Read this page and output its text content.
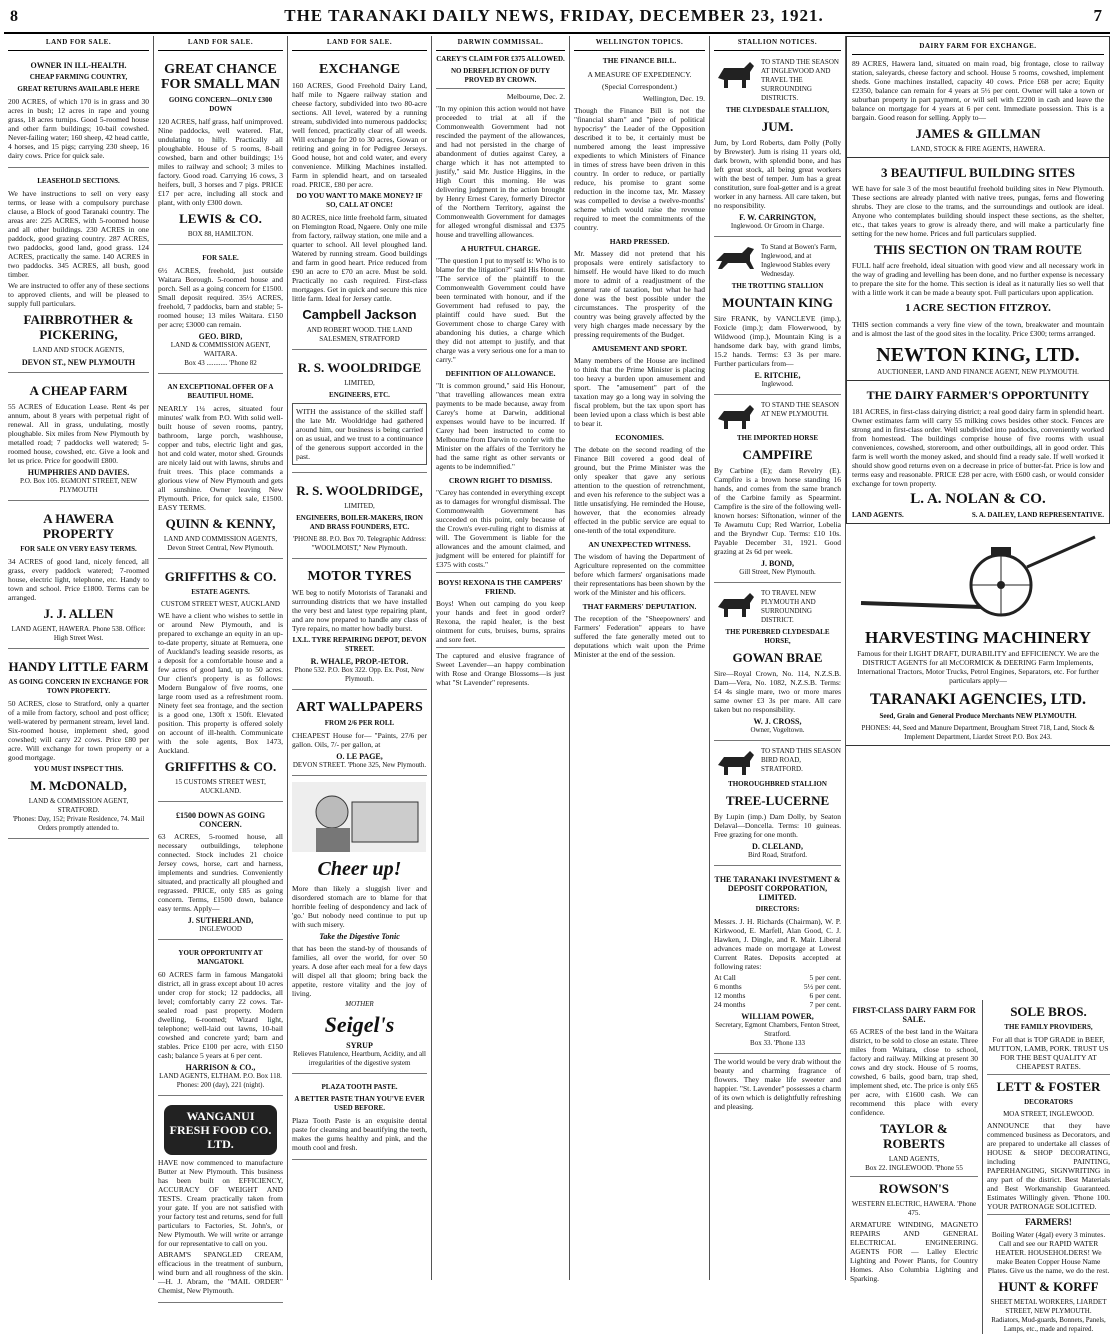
8	THE TARANAKI DAILY NEWS, FRIDAY, DECEMBER 23, 1921.	7
LAND FOR SALE.
OWNER IN ILL-HEALTH.
CHEAP FARMING COUNTRY,
GREAT RETURNS AVAILABLE HERE
200 ACRES, of which 170 is in grass and 30 acres in bush; 12 acres in rape and young grass, 18 acres turnips. Good 5-roomed house and other farm buildings; 10-bail cowshed. Never-failing water; 160 sheep, 42 head cattle, 4 horses, and 15 pigs; carrying 230 sheep, 16 dairy cows. Price for quick sale.
LEASEHOLD SECTIONS.
We have instructions to sell on very easy terms, or lease with a compulsory purchase clause, a Block of good Taranaki country. The areas are: 225 ACRES, with 5-roomed house and all other buildings. 230 ACRES in one paddock, good grazing country. 287 ACRES, two paddocks, good land, good grass. 124 ACRES, practically the same. 140 ACRES in two paddocks. 345 ACRES, all bush, good timber.
We are instructed to offer any of these sections to approved clients, and will be pleased to supply full particulars.
FAIRBROTHER & PICKERING,
LAND AND STOCK AGENTS,
DEVON ST., NEW PLYMOUTH
A CHEAP FARM
55 ACRES of Education Lease. Rent 4s per annum, about 8 years with perpetual right of renewal. All in grass, undulating, mostly ploughable. Six miles from New Plymouth by metalled road; 7 paddocks well watered; 5-roomed house, cowshed, etc. Give a look and let us price. Price for goodwill £800.
HUMPHRIES AND DAVIES.
P.O. Box 105. EGMONT STREET, NEW PLYMOUTH
A HAWERA PROPERTY
FOR SALE ON VERY EASY TERMS.
34 ACRES of good land, nicely fenced, all grass, every paddock watered; 7-roomed house, electric light, telephone, etc. Handy to town and school. Price £1800. Terms can be arranged.
J. J. ALLEN
LAND AGENT, HAWERA. Phone 538. Office: High Street West.
HANDY LITTLE FARM
AS GOING CONCERN IN EXCHANGE FOR TOWN PROPERTY.
50 ACRES, close to Stratford, only a quarter of a mile from factory, school and post office; well-watered by permanent stream, level land. Six-roomed house, implement shed, good cowshed; will carry 22 cows. Price £80 per acre. Will exchange for town property or a good mortgage.
YOU MUST INSPECT THIS.
M. McDONALD,
LAND & COMMISSION AGENT, STRATFORD.
'Phones: Day, 152; Private Residence, 74. Mail Orders promptly attended to.
LAND FOR SALE.
GREAT CHANCE FOR SMALL MAN
GOING CONCERN—ONLY £300 DOWN
120 ACRES, half grass, half unimproved. Nine paddocks, well watered. Flat, undulating to hilly. Practically all ploughable. House of 5 rooms, 8-bail cowshed, barn and other buildings; 1½ miles to railway and school; 3 miles to factory. Good road. Carrying 16 cows, 3 heifers, bull, 3 horses and 7 pigs. PRICE £17 per acre, including all stock and plant, with only £300 down.
LEWIS & CO.
BOX 88, HAMILTON.
FOR SALE.
6½ ACRES, freehold, just outside Waitara Borough. 5-roomed house and porch. Sell as a going concern for £1500. Small deposit required. 35½ ACRES, freehold, 7 paddocks, barn and stable; 5-roomed house; 13 miles Waitara. £150 per acre; £3000 can remain.
GEO. BIRD,
LAND & COMMISSION AGENT, WAITARA.
Box 43 ............ 'Phone 82
AN EXCEPTIONAL OFFER OF A BEAUTIFUL HOME.
NEARLY 1¼ acres, situated four minutes' walk from P.O. With solid well-built house of seven rooms, pantry, bathroom, large porch, washhouse, copper and tubs, electric light and gas, hot and cold water, motor shed. Grounds are nicely laid out with lawns, shrubs and fruit trees. This place commands a glorious view of New Plymouth and gets all sunshine. Owner leaving New Plymouth. Price, for quick sale, £1500. EASY TERMS.
QUINN & KENNY,
LAND AND COMMISSION AGENTS, Devon Street Central, New Plymouth.
GRIFFITHS & CO.
ESTATE AGENTS.
CUSTOM STREET WEST, AUCKLAND
WE have a client who wishes to settle in or around New Plymouth, and is prepared to exchange an equity in an up-to-date property, situate at Remuera, one of Auckland's leading seaside resorts, as a deposit for a comfortable house and a few acres of good land, up to 50 acres. Our client's property is as follows: Modern Bungalow of five rooms, one large room used as a refreshment room. Ninety feet sea frontage, and the section is a good one, 130ft x 150ft. Elevated position. This property is offered solely on account of ill-health. Communicate with the sole agents, Box 1473, Auckland.
GRIFFITHS & CO.
15 CUSTOMS STREET WEST, AUCKLAND.
£1500 DOWN AS GOING CONCERN.
63 ACRES, 5-roomed house, all necessary outbuildings, telephone connected. Stock includes 21 choice Jersey cows, horse, cart and harness, implements and sundries. Conveniently situated, and practically all ploughed and regrassed. PRICE, only £85 as going concern. Terms, £1500 down, balance easy terms. Apply—
J. SUTHERLAND,
INGLEWOOD
YOUR OPPORTUNITY AT MANGATOKI.
60 ACRES farm in famous Mangatoki district, all in grass except about 10 acres under crop for stock; 12 paddocks, all level; comfortably carry 22 cows. Tar-sealed road past property. Modern dwelling, 6-roomed; Wizard light, telephone; well-laid out lawns, 10-bail cowshed and concrete yard; barn and stables. Price £100 per acre, with £150 cash; balance 5 years at 6 per cent.
HARRISON & CO.,
LAND AGENTS, ELTHAM. P.O. Box 118. Phones: 200 (day), 221 (night).
WANGANUI FRESH FOOD CO. LTD.
HAVE now commenced to manufacture Butter at New Plymouth. This business has been built on EFFICIENCY, ACCURACY OF WEIGHT AND TESTS. Cream practically taken from your gate. If you are not satisfied with your factory test and returns, send for full particulars to Factories, St. John's, or New Plymouth. We will write or arrange for our representative to call on you.
ABRAM'S SPANGLED CREAM, efficacious in the treatment of sunburn, wind burn and all roughness of the skin.—H. J. Abram, the "MAIL ORDER" Chemist, New Plymouth.
LAND FOR SALE.
EXCHANGE
160 ACRES, Good Freehold Dairy Land, half mile to Ngaere railway station and cheese factory, subdivided into two 80-acre sections. All level, watered by a running stream, subdivided into numerous paddocks; well fenced, practically clear of all weeds. Will exchange for 20 to 30 acres, Gowan or retiring and going in for Pedigree Jerseys. Good house, hot and cold water, and every convenience. Milking Machines installed. Farm in splendid heart, and on tarsealed road. PRICE, £80 per acre.
DO YOU WANT TO MAKE MONEY? IF SO, CALL AT ONCE!
80 ACRES, nice little freehold farm, situated on Flemington Road, Ngaere. Only one mile from factory, railway station, one mile and a quarter to school. All level ploughed land. Watered by running stream. Good buildings and farm in good heart. Price reduced from £90 an acre to £70 an acre. Must be sold. Practically no cash required. First-class mortgages. Get in quick and secure this nice little farm. Ideal for Jersey cattle.
Campbell Jackson
AND ROBERT WOOD. THE LAND SALESMEN, STRATFORD
R. S. WOOLDRIDGE
LIMITED,
ENGINEERS, ETC.
WITH the assistance of the skilled staff the late Mr. Wooldridge had gathered around him, our business is being carried on as usual, and we trust to a continuance of the generous support accorded in the past.
R. S. WOOLDRIDGE,
LIMITED,
ENGINEERS, BOILER-MAKERS, IRON AND BRASS FOUNDERS, ETC.
'PHONE 88. P.O. Box 70. Telegraphic Address: "WOOLMOIST," New Plymouth.
MOTOR TYRES
WE beg to notify Motorists of Taranaki and surrounding districts that we have installed the very best and latest type repairing plant, and are now prepared to handle any class of Tyre repairs, no matter how badly burst.
I.X.L. TYRE REPAIRING DEPOT, DEVON STREET.
R. WHALE, PROP.-IETOR.
Phone 532. P.O. Box 322. Opp. Ex. Post, New Plymouth.
ART WALLPAPERS
FROM 2/6 PER ROLL
CHEAPEST House for— "Paints, 27/6 per gallon. Oils, 7/- per gallon, at
O. LE PAGE,
DEVON STREET. 'Phone 325, New Plymouth.
Cheer up!
More than likely a sluggish liver and disordered stomach are to blame for that horrible feeling of despondency and lack of 'go.' But nobody need continue to put up with such misery.
Take the Digestive Tonic
that has been the stand-by of thousands of families, all over the world, for over 50 years. A dose after each meal for a few days will dispel all that gloom; bring back the appetite, restore vitality and the joy of living.
MOTHER
Seigel's
SYRUP
Relieves Flatulence, Heartburn, Acidity, and all irregularities of the digestive system
PLAZA TOOTH PASTE.
A BETTER PASTE THAN YOU'VE EVER USED BEFORE.
Plaza Tooth Paste is an exquisite dental paste for cleansing and beautifying the teeth, makes the gums healthy and pink, and the mouth cool and fresh.
DARWIN COMMISSAL.
CAREY'S CLAIM FOR £375 ALLOWED.
NO DEREFLICTION OF DUTY PROVED BY CROWN.

Melbourne, Dec. 2.

"In my opinion this action would not have proceeded to trial at all if the Commonwealth Government had not rescinded the payment of the allowances, and had not persisted in the charge of abandonment of duties against Carey, a charge which it has not attempted to justify," said Mr. Justice Higgins, in the High Court this morning. He was delivering judgment in the action brought by Henry Ernest Carey, formerly Director of the Northern Territory, against the Commonwealth Government for damages for alleged wrongful dismissal and £375 house and travelling allowances.

A HURTFUL CHARGE.

"The question I put to myself is: Who is to blame for the litigation?" said His Honour. "The service of the plaintiff to the Commonwealth Government could have been terminated with honour, and if the Government had refused to pay, the plaintiff could have sued. But the Government chose to charge Carey with abandoning his duties, a charge which they did not attempt to justify, and that charge was a very serious one for a man to carry."

DEFINITION OF ALLOWANCE.

"It is common ground," said His Honour, "that travelling allowances mean extra payments to be made because, away from Carey's home at Darwin, additional expenses would have to be incurred. If Carey had been instructed to come to Melbourne from Darwin to confer with the Minister on the affairs of the Territory he had the same right as other servants or agents to be indemnified."

CROWN RIGHT TO DISMISS.

"Carey has contended in everything except as to damages for wrongful dismissal. The Commonwealth Government has succeeded on this point, only because of the Crown's ever-ruling right to dismiss at will. The Government is liable for the allowances and the amount claimed, and judgment will be entered for plaintiff for £375 with costs."

BOYS! REXONA IS THE CAMPERS' FRIEND.

Boys! When out camping do you keep your hands and feet in good order? Rexona, the rapid healer, is the best ointment for cuts, bruises, burns, sprains and sore feet.

The captured and elusive fragrance of Sweet Lavender—an happy combination with Rose and Orange Blossoms—is just what "St Lavender" represents.

WELLINGTON TOPICS.

THE FINANCE BILL.

A MEASURE OF EXPEDIENCY.

(Special Correspondent.)

Wellington, Dec. 19.

Though the Finance Bill is not the "financial sham" and "piece of political hypocrisy" the Leader of the Opposition described it to be, it certainly must be numbered among the least impressive expedients to which Ministers of Finance in times of stress have been driven in this country. In order to reduce, or partially reduce, his promise to grant some reduction in the income tax, Mr. Massey was compelled to devise a twelve-months' scheme which would raise the revenue required to meet the commitments of the country.

HARD PRESSED.

Mr. Massey did not pretend that his proposals were entirely satisfactory to himself. He would have liked to do much more to admit of a readjustment of the general rate of taxation, but what he had done was the best possible under the circumstances. The prosperity of the country was being gravely affected by the very high charges made necessary by the pressing requirements of the Budget.

AMUSEMENT AND SPORT.

Many members of the House are inclined to think that the Prime Minister is placing too heavy a burden upon amusement and sport. The "amusement" part of the taxation may go a long way in solving the fiscal problem, but the tax upon sport has been levied upon a class which is best able to bear it.

ECONOMIES.

The debate on the second reading of the Finance Bill covered a good deal of ground, but the Prime Minister was the only speaker that gave any serious attention to the question of retrenchment, and even his reference to the subject was a little unsatisfying. He reminded the House, however, that the economies already effected in the public service are equal to one-tenth of the total expenditure.

AN UNEXPECTED WITNESS.

The wisdom of having the Department of Agriculture represented on the committee before which farmers' organisations made their representations has been shown by the work of the Minister and his officers.

THAT FARMERS' DEPUTATION.

The reception of the "Sheepowners' and Farmers' Federation" appears to have suffered the fate generally meted out to deputations which wait upon the Prime Minister at the end of the session.

STALLION NOTICES.
TO STAND THE SEASON AT INGLEWOOD AND TRAVEL THE SURROUNDING DISTRICTS.
THE CLYDESDALE STALLION,
JUM.
Jum, by Lord Roberts, dam Polly (Polly by Brewster). Jum is rising 11 years old, dark brown, with splendid bone, and has left great stock, all being great workers with the best of temper. Jum has a great constitution, sure foal-getter and is a great worker in any harness. All care taken, but no responsibility.
F. W. CARRINGTON,
Inglewood. Or Groom in Charge.
To Stand at Bowen's Farm, Inglewood, and at Inglewood Stables every Wednesday.
THE TROTTING STALLION
MOUNTAIN KING
Sire FRANK, by VANCLEVE (imp.), Foxicle (imp.); dam Flowerwood, by Wildwood (imp.), Mountain King is a handsome dark bay, with grand limbs, 15.2 hands. Terms: £3 3s per mare. Further particulars from—
E. RITCHIE,
Inglewood.
TO STAND THE SEASON AT NEW PLYMOUTH.
THE IMPORTED HORSE
CAMPFIRE
By Carbine (E); dam Revelry (E). Campfire is a brown horse standing 16 hands, and comes from the same branch of the Carbine family as Spearmint. Campfire is the sire of the following well-known horses: Siftonation, winner of the Te Awamutu Cup; Red Warrior, Lobelia and the Bryndwr Cup. Terms: £10 10s. Payable December 31, 1921. Good grazing at 2s 6d per week.
J. BOND,
Gill Street, New Plymouth.
TO TRAVEL NEW PLYMOUTH AND SURROUNDING DISTRICT.
THE PUREBRED CLYDESDALE HORSE,
GOWAN BRAE
Sire—Royal Crown, No. 114, N.Z.S.B. Dam—Vera, No. 1082, N.Z.S.B. Terms: £4 4s single mare, two or more mares same owner £3 3s per mare. All care taken but no responsibility.
W. J. CROSS,
Owner, Vogeltown.
TO STAND THIS SEASON BIRD ROAD, STRATFORD.
THOROUGHBRED STALLION
TREE-LUCERNE
By Lupin (imp.) Dam Dolly, by Seaton Delaval—Doncella. Terms: 10 guineas. Free grazing for one month.
D. CLELAND,
Bird Road, Stratford.
THE TARANAKI INVESTMENT & DEPOSIT CORPORATION, LIMITED.
DIRECTORS:
Messrs. J. H. Richards (Chairman), W. P. Kirkwood, E. Marfell, Alan Good, C. J. Hawken, J. Dingle, and R. Mair. Liberal advances made on mortgage at Lowest Current Rates. Deposits accepted at following rates:
At Call	5 per cent.
6 months	5½ per cent.
12 months	6 per cent.
24 months	7 per cent.
WILLIAM POWER,
Secretary, Egmont Chambers, Fenton Street, Stratford.
Box 33. 'Phone 133
The world would be very drab without the beauty and charming fragrance of flowers. They make life sweeter and happier. "St. Lavender" possesses a charm of its own which is delightfully refreshing and pleasing.
DAIRY FARM FOR EXCHANGE.
89 ACRES, Hawera land, situated on main road, big frontage, close to railway station, saleyards, cheese factory and school. House 5 rooms, cowshed, implement sheds. Gone machines installed, capacity 40 cows. Price £68 per acre; Equity £2350, balance can remain for 4 years at 5½ per cent. Owner will take a town or suburban property in part payment, or will sell with £2200 in cash and leave the balance on mortgage for 4 years at 6 per cent. Immediate possession. This is a bargain. Good reason for selling. Apply to—
JAMES & GILLMAN
LAND, STOCK & FIRE AGENTS, HAWERA.
3 BEAUTIFUL BUILDING SITES
WE have for sale 3 of the most beautiful freehold building sites in New Plymouth. These sections are already planted with native trees, pungas, ferns and flowering shrubs. They are close to the trams, and the surroundings and outlook are ideal. Anyone who contemplates building should inspect these sections, as the shelter, etc., that takes years to grow is already there, and will make a particularly fine setting for the new home. Prices and full particulars supplied.
THIS SECTION ON TRAM ROUTE
FULL half acre freehold, ideal situation with good view and all necessary work in the way of grading and levelling has been done, and no further expense is necessary to prepare the site for the home. This section is ideal as it naturally lies so well that with a little work it can be made a beauty spot. Full particulars upon application.
1 ACRE SECTION FITZROY.
THIS section commands a very fine view of the town, breakwater and mountain and is almost the last of the good sites in the locality. Price £300; terms arranged.
NEWTON KING, LTD.
AUCTIONEER, LAND AND FINANCE AGENT, NEW PLYMOUTH.
THE DAIRY FARMER'S OPPORTUNITY
181 ACRES, in first-class dairying district; a real good dairy farm in splendid heart. Owner estimates farm will carry 55 milking cows besides other stock. Fences are strong and in first-class order. Well subdivided into paddocks, conveniently worked from homestead. The buildings comprise house of five rooms with usual conveniences, cowshed, storeroom, and other outbuildings, all in good order. This farm is well worth the money asked, and should find a ready sale. If well worked it should show good returns even on a decrease in price of butter-fat. Price is low and terms easy and reasonable. PRICE £28 per acre, with £600 cash, or would consider exchange for town property.
L. A. NOLAN & CO.
LAND AGENTS.	S. A. DAILEY, LAND REPRESENTATIVE.
HARVESTING MACHINERY
Famous for their LIGHT DRAFT, DURABILITY and EFFICIENCY. We are the DISTRICT AGENTS for all McCORMICK & DEERING Farm Implements, International Tractors, Motor Trucks, Petrol Engines, Separators, etc. For further particulars apply—
TARANAKI AGENCIES, LTD.
Seed, Grain and General Produce Merchants NEW PLYMOUTH.
PHONES: 44, Seed and Manure Department, Brougham Street 718, Land, Stock & Implement Department, Liardet Street P.O. Box 243.
FIRST-CLASS DAIRY FARM FOR SALE.
65 ACRES of the best land in the Waitara district, to be sold to close an estate. Three miles from Waitara, close to school, factory and railway. Milking at present 30 cows and dry stock. House of 5 rooms, cowshed, 6 bails, good barn, trap shed, implement shed, etc. The price is only £65 per acre, with £1600 cash. We can recommend this place with every confidence.
TAYLOR & ROBERTS
LAND AGENTS,
Box 22. INGLEWOOD. 'Phone 55
ROWSON'S
WESTERN ELECTRIC, HAWERA. 'Phone 475.
ARMATURE WINDING, MAGNETO REPAIRS AND GENERAL ELECTRICAL ENGINEERING. AGENTS FOR — Lalley Electric Lighting and Power Plants, for Country Homes. Also Columbia Lighting and Sparking.
SOLE BROS.
THE FAMILY PROVIDERS,
For all that is TOP GRADE in BEEF, MUTTON, LAMB, PORK. TRUST US FOR THE BEST QUALITY AT CHEAPEST RATES.
LETT & FOSTER
DECORATORS
MOA STREET, INGLEWOOD.
ANNOUNCE that they have commenced business as Decorators, and are prepared to undertake all classes of HOUSE & SHOP DECORATING, including PAINTING, PAPERHANGING, SIGNWRITING in any part of the district. Best Materials and Best Workmanship Guaranteed. Estimates Willingly given. 'Phone 100. YOUR PATRONAGE SOLICITED.
FARMERS!
Boiling Water (4gal) every 3 minutes. Call and see our RAPID WATER HEATER. HOUSEHOLDERS! We make Beaten Copper House Name Plates. Give us the name, we do the rest.
HUNT & KORFF
SHEET METAL WORKERS, LIARDET STREET, NEW PLYMOUTH.
Radiators, Mud-guards, Bonnets, Panels, Lamps, etc., made and repaired.
